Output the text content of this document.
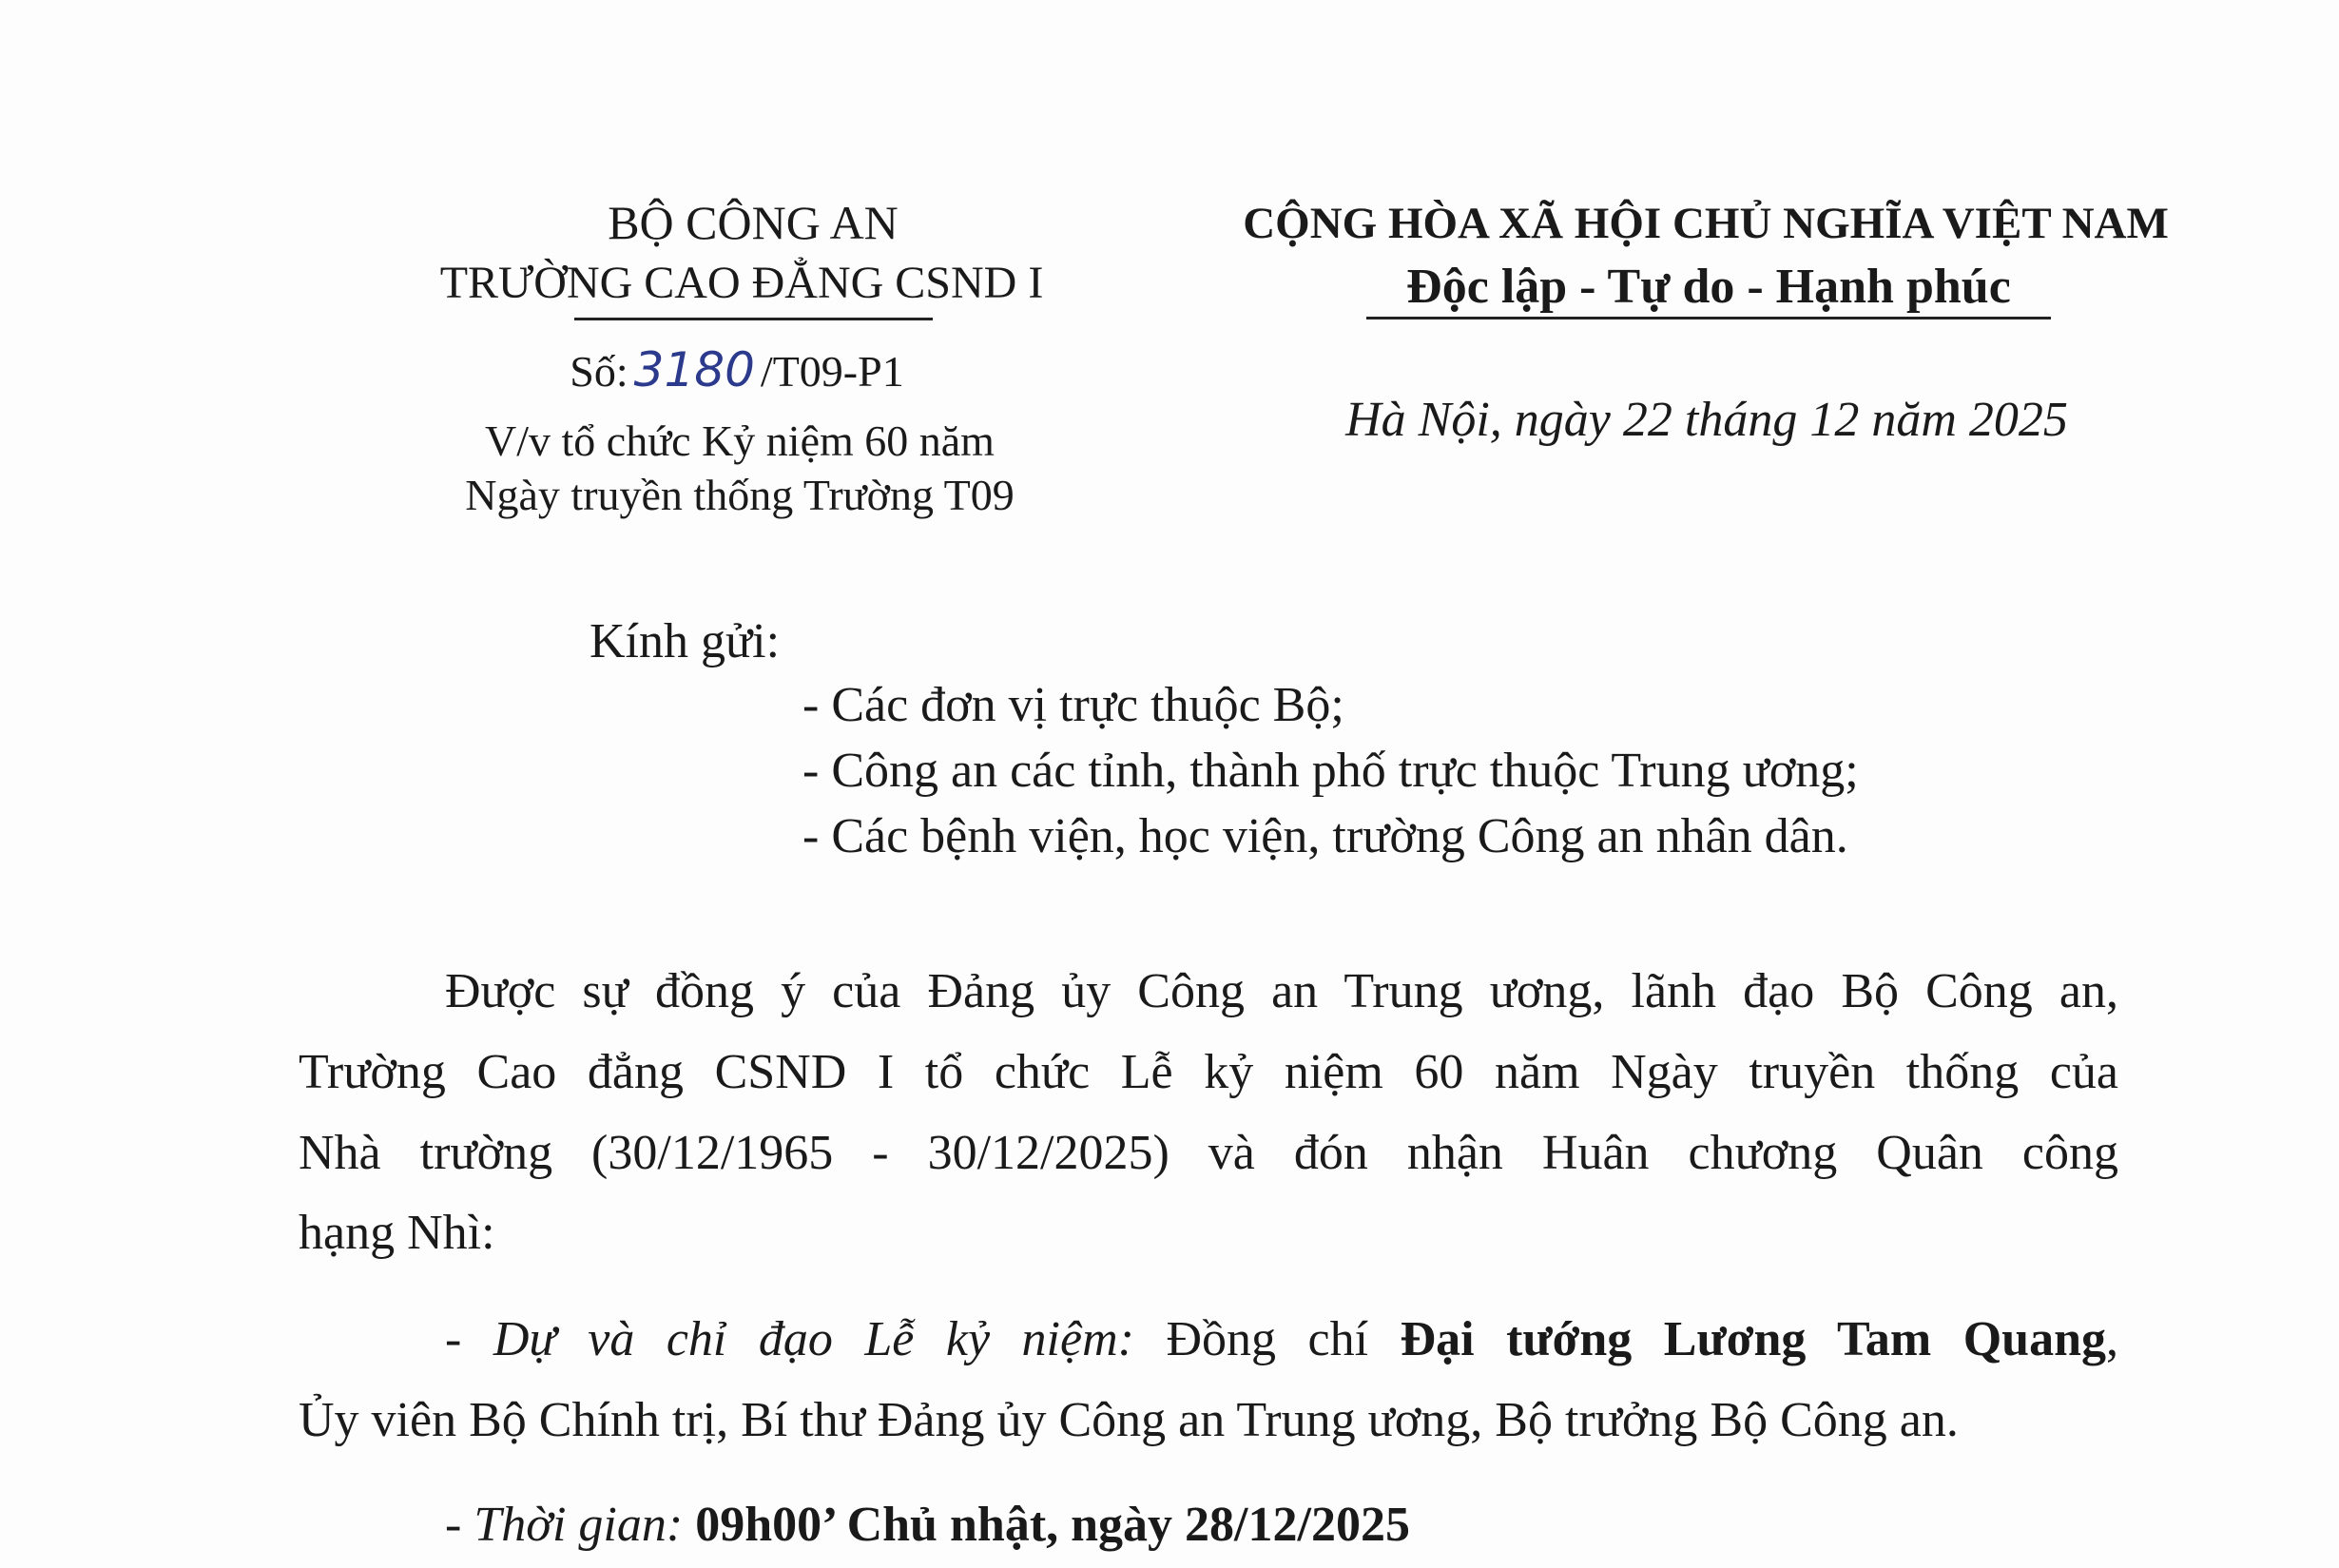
BỘ CÔNG AN
TRƯỜNG CAO ĐẲNG CSND I
Số: 3180 /T09-P1
V/v tổ chức Kỷ niệm 60 năm
Ngày truyền thống Trường T09
CỘNG HÒA XÃ HỘI CHỦ NGHĨA VIỆT NAM
Độc lập - Tự do - Hạnh phúc
Hà Nội, ngày 22 tháng 12 năm 2025
Kính gửi:
- Các đơn vị trực thuộc Bộ;
- Công an các tỉnh, thành phố trực thuộc Trung ương;
- Các bệnh viện, học viện, trường Công an nhân dân.
Được sự đồng ý của Đảng ủy Công an Trung ương, lãnh đạo Bộ Công an,
Trường Cao đẳng CSND I tổ chức Lễ kỷ niệm 60 năm Ngày truyền thống của
Nhà trường (30/12/1965 - 30/12/2025) và đón nhận Huân chương Quân công
hạng Nhì:
- Dự và chỉ đạo Lễ kỷ niệm: Đồng chí Đại tướng Lương Tam Quang,
Ủy viên Bộ Chính trị, Bí thư Đảng ủy Công an Trung ương, Bộ trưởng Bộ Công an.
- Thời gian: 09h00’ Chủ nhật, ngày 28/12/2025
